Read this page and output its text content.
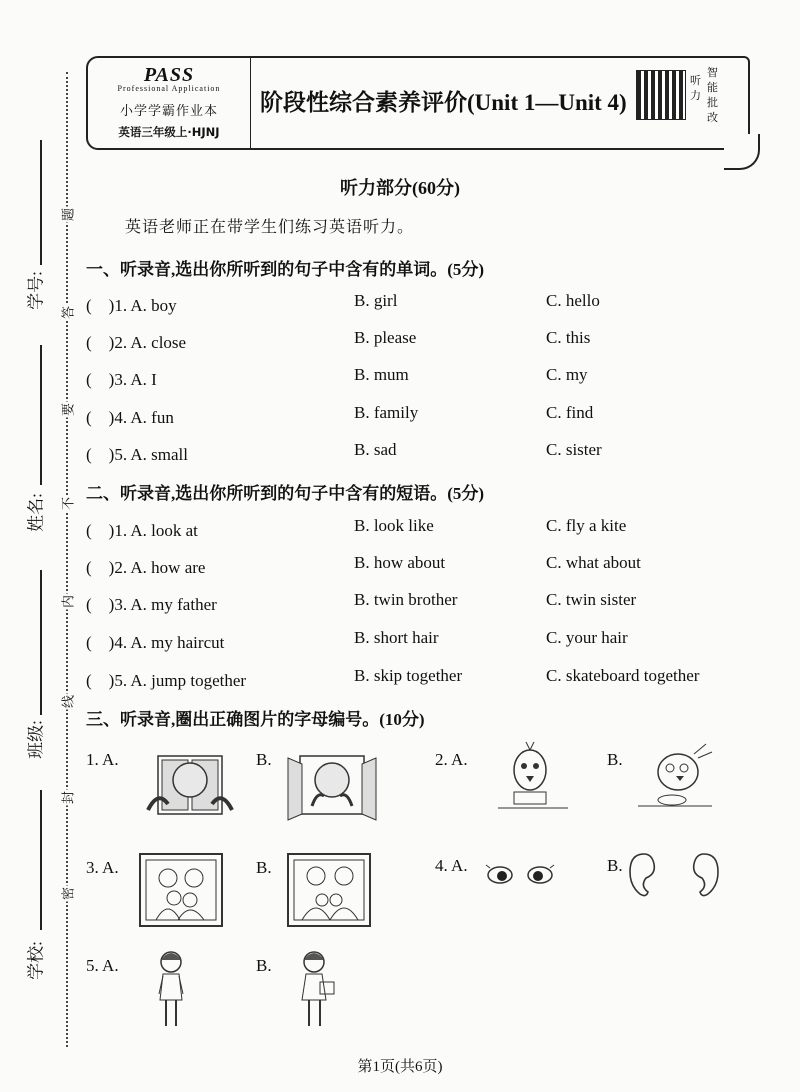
学号:
姓名:
班级:
学校:
题
答
要
不
内
线
封
密
PASS
Professional Application
小学学霸作业本
英语三年级上·HJNJ
阶段性综合素养评价(Unit 1—Unit 4)
听力
智能批改
听力部分(60分)
英语老师正在带学生们练习英语听力。
一、听录音,选出你所听到的句子中含有的单词。(5分)
(　)1. A. boy	B. girl	C. hello
(　)2. A. close	B. please	C. this
(　)3. A. I	B. mum	C. my
(　)4. A. fun	B. family	C. find
(　)5. A. small	B. sad	C. sister
二、听录音,选出你所听到的句子中含有的短语。(5分)
(　)1. A. look at	B. look like	C. fly a kite
(　)2. A. how are	B. how about	C. what about
(　)3. A. my father	B. twin brother	C. twin sister
(　)4. A. my haircut	B. short hair	C. your hair
(　)5. A. jump together	B. skip together	C. skateboard together
三、听录音,圈出正确图片的字母编号。(10分)
1. A.	B.	2. A.	B.
3. A.	B.	4. A.	B.
5. A.	B.
第1页(共6页)
